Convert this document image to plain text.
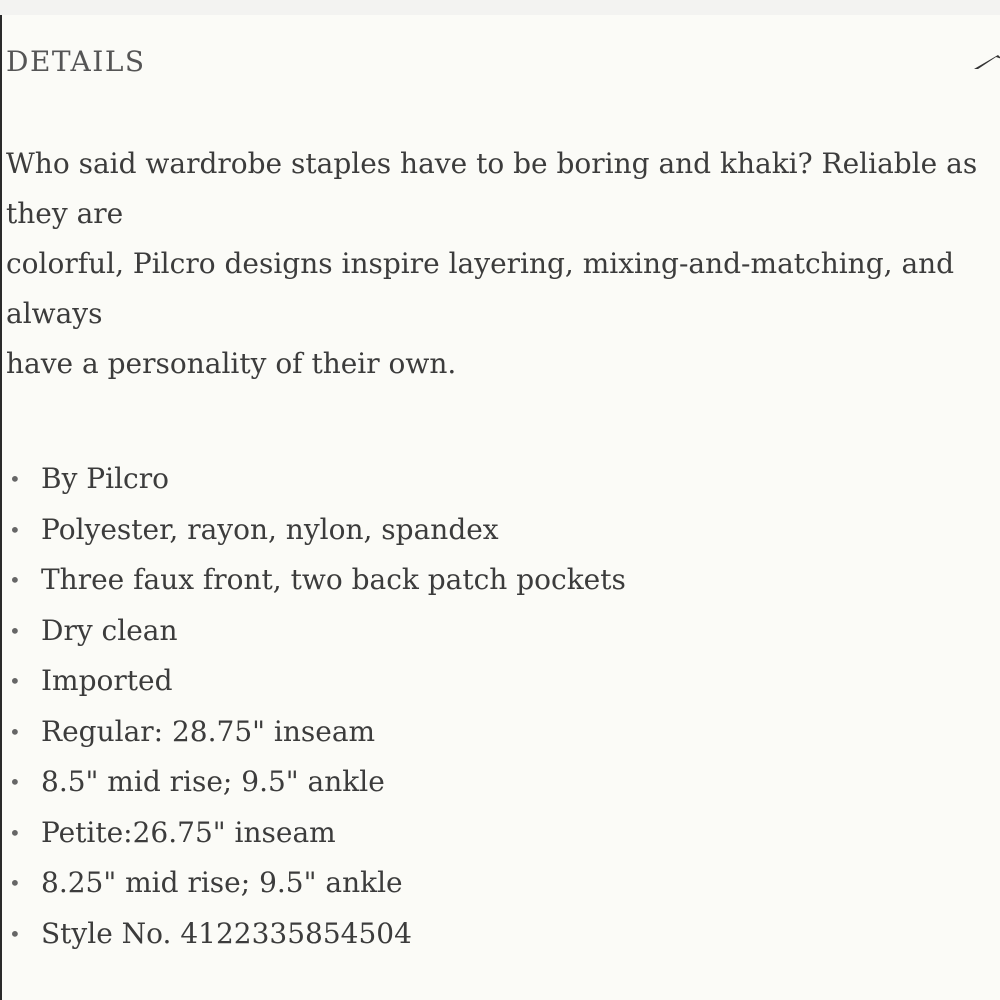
DETAILS
Who said wardrobe staples have to be boring and khaki? Reliable as
they are
colorful, Pilcro designs inspire layering, mixing-and-matching, and
always
have a personality of their own.
• By Pilcro
• Polyester, rayon, nylon, spandex
• Three faux front, two back patch pockets
• Dry clean
• Imported
• Regular: 28.75" inseam
• 8.5" mid rise; 9.5" ankle
• Petite:26.75" inseam
• 8.25" mid rise; 9.5" ankle
• Style No. 4122335854504
